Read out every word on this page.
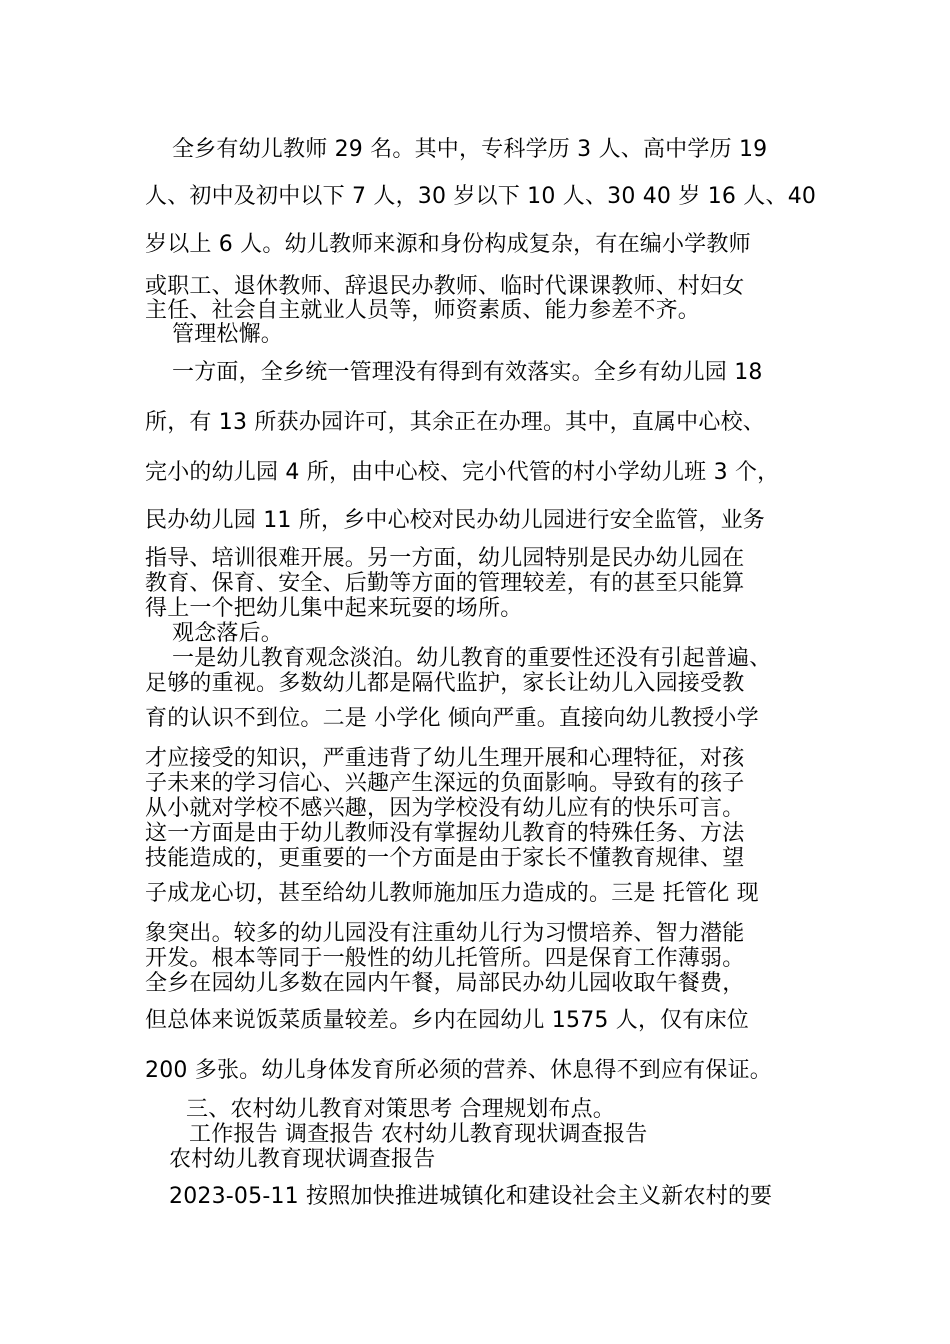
全乡有幼儿教师 29 名。其中，专科学历 3 人、高中学历 19
人、初中及初中以下 7 人，30 岁以下 10 人、30 40 岁 16 人、40
岁以上 6 人。幼儿教师来源和身份构成复杂，有在编小学教师
或职工、退休教师、辞退民办教师、临时代课课教师、村妇女
主任、社会自主就业人员等，师资素质、能力参差不齐。
管理松懈。
一方面，全乡统一管理没有得到有效落实。全乡有幼儿园 18
所，有 13 所获办园许可，其余正在办理。其中，直属中心校、
完小的幼儿园 4 所，由中心校、完小代管的村小学幼儿班 3 个，
民办幼儿园 11 所，乡中心校对民办幼儿园进行安全监管，业务
指导、培训很难开展。另一方面，幼儿园特别是民办幼儿园在
教育、保育、安全、后勤等方面的管理较差，有的甚至只能算
得上一个把幼儿集中起来玩耍的场所。
观念落后。
一是幼儿教育观念淡泊。幼儿教育的重要性还没有引起普遍、
足够的重视。多数幼儿都是隔代监护，家长让幼儿入园接受教
育的认识不到位。二是 小学化 倾向严重。直接向幼儿教授小学
才应接受的知识，严重违背了幼儿生理开展和心理特征，对孩
子未来的学习信心、兴趣产生深远的负面影响。导致有的孩子
从小就对学校不感兴趣，因为学校没有幼儿应有的快乐可言。
这一方面是由于幼儿教师没有掌握幼儿教育的特殊任务、方法
技能造成的，更重要的一个方面是由于家长不懂教育规律、望
子成龙心切，甚至给幼儿教师施加压力造成的。三是 托管化 现
象突出。较多的幼儿园没有注重幼儿行为习惯培养、智力潜能
开发。根本等同于一般性的幼儿托管所。四是保育工作薄弱。
全乡在园幼儿多数在园内午餐，局部民办幼儿园收取午餐费，
但总体来说饭菜质量较差。乡内在园幼儿 1575 人，仅有床位
200 多张。幼儿身体发育所必须的营养、休息得不到应有保证。
三、农村幼儿教育对策思考 合理规划布点。
工作报告 调查报告 农村幼儿教育现状调查报告
农村幼儿教育现状调查报告
2023-05-11 按照加快推进城镇化和建设社会主义新农村的要
